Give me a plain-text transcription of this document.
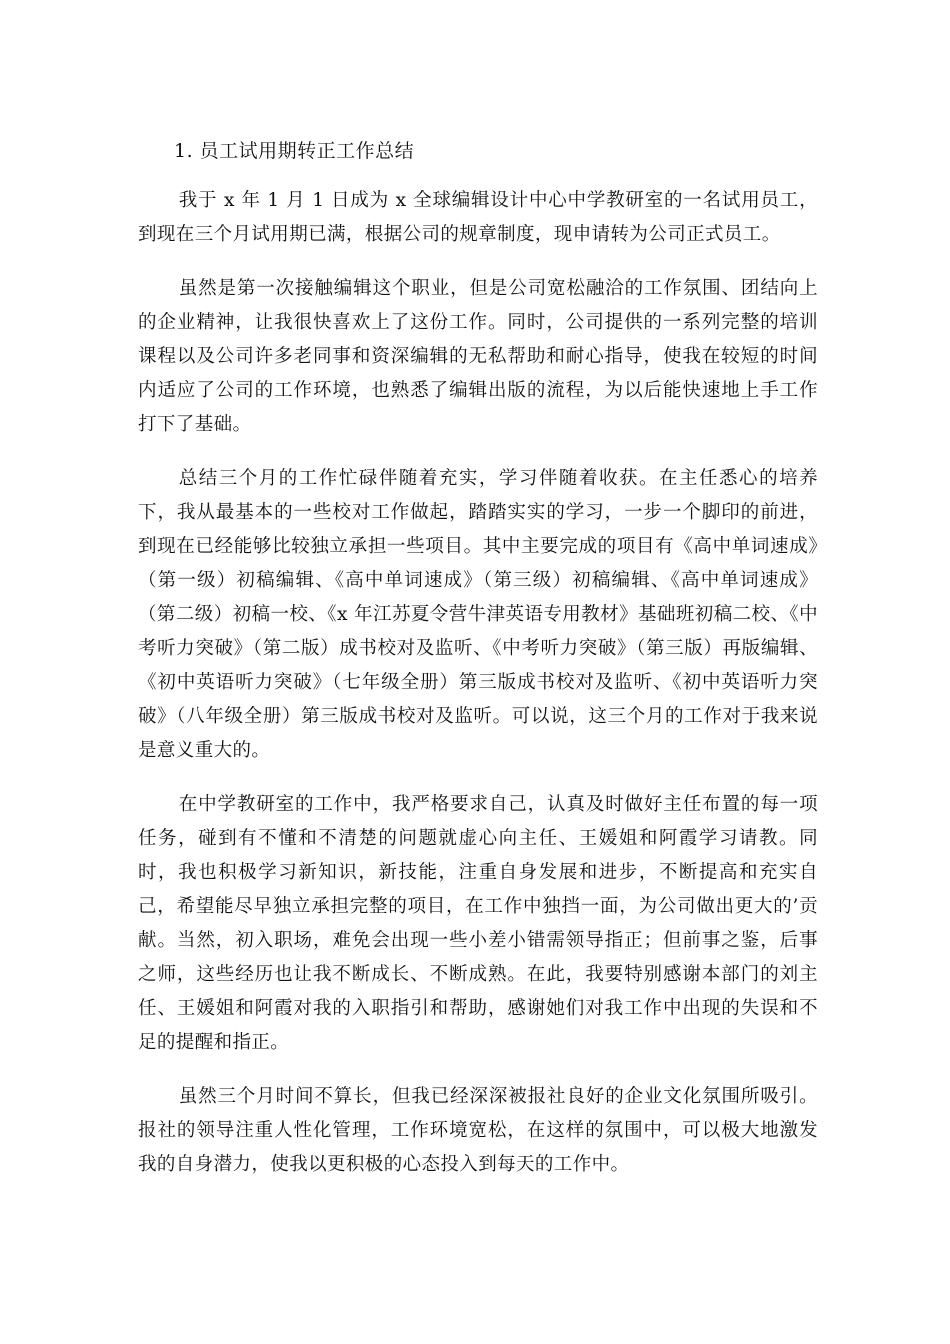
1. 员工试用期转正工作总结

我于 x 年 1 月 1 日成为 x 全球编辑设计中心中学教研室的一名试用员工，到现在三个月试用期已满，根据公司的规章制度，现申请转为公司正式员工。

虽然是第一次接触编辑这个职业，但是公司宽松融洽的工作氛围、团结向上的企业精神，让我很快喜欢上了这份工作。同时，公司提供的一系列完整的培训课程以及公司许多老同事和资深编辑的无私帮助和耐心指导，使我在较短的时间内适应了公司的工作环境，也熟悉了编辑出版的流程，为以后能快速地上手工作打下了基础。

总结三个月的工作忙碌伴随着充实，学习伴随着收获。在主任悉心的培养下，我从最基本的一些校对工作做起，踏踏实实的学习，一步一个脚印的前进，到现在已经能够比较独立承担一些项目。其中主要完成的项目有《高中单词速成》（第一级）初稿编辑、《高中单词速成》（第三级）初稿编辑、《高中单词速成》（第二级）初稿一校、《x 年江苏夏令营牛津英语专用教材》基础班初稿二校、《中考听力突破》（第二版）成书校对及监听、《中考听力突破》（第三版）再版编辑、《初中英语听力突破》（七年级全册）第三版成书校对及监听、《初中英语听力突破》（八年级全册）第三版成书校对及监听。可以说，这三个月的工作对于我来说是意义重大的。

在中学教研室的工作中，我严格要求自己，认真及时做好主任布置的每一项任务，碰到有不懂和不清楚的问题就虚心向主任、王媛姐和阿霞学习请教。同时，我也积极学习新知识，新技能，注重自身发展和进步，不断提高和充实自己，希望能尽早独立承担完整的项目，在工作中独挡一面，为公司做出更大的’贡献。当然，初入职场，难免会出现一些小差小错需领导指正；但前事之鉴，后事之师，这些经历也让我不断成长、不断成熟。在此，我要特别感谢本部门的刘主任、王媛姐和阿霞对我的入职指引和帮助，感谢她们对我工作中出现的失误和不足的提醒和指正。

虽然三个月时间不算长，但我已经深深被报社良好的企业文化氛围所吸引。报社的领导注重人性化管理，工作环境宽松，在这样的氛围中，可以极大地激发我的自身潜力，使我以更积极的心态投入到每天的工作中。
